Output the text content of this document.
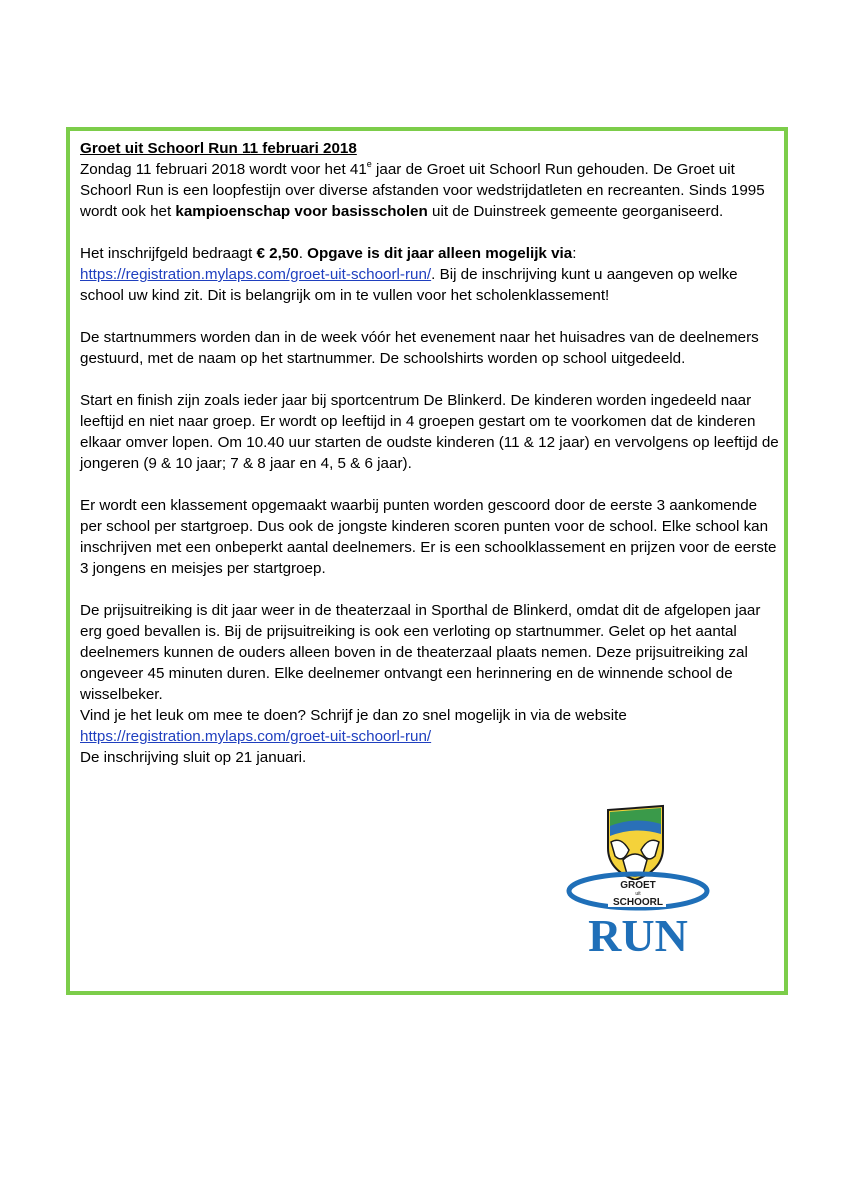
Groet uit Schoorl Run 11 februari 2018

Zondag 11 februari 2018 wordt voor het 41e jaar de Groet uit Schoorl Run gehouden. De Groet uit Schoorl Run is een loopfestijn over diverse afstanden voor wedstrijdatleten en recreanten. Sinds 1995 wordt ook het kampioenschap voor basisscholen uit de Duinstreek gemeente georganiseerd.

Het inschrijfgeld bedraagt € 2,50. Opgave is dit jaar alleen mogelijk via:
https://registration.mylaps.com/groet-uit-schoorl-run/. Bij de inschrijving kunt u aangeven op welke school uw kind zit. Dit is belangrijk om in te vullen voor het scholenklassement!

De startnummers worden dan in de week vóór het evenement naar het huisadres van de deelnemers gestuurd, met de naam op het startnummer. De schoolshirts worden op school uitgedeeld.

Start en finish zijn zoals ieder jaar bij sportcentrum De Blinkerd. De kinderen worden ingedeeld naar leeftijd en niet naar groep. Er wordt op leeftijd in 4 groepen gestart om te voorkomen dat de kinderen elkaar omver lopen. Om 10.40 uur starten de oudste kinderen (11 & 12 jaar) en vervolgens op leeftijd de jongeren (9 & 10 jaar; 7 & 8 jaar en 4, 5 & 6 jaar).

Er wordt een klassement opgemaakt waarbij punten worden gescoord door de eerste 3 aankomende per school per startgroep. Dus ook de jongste kinderen scoren punten voor de school. Elke school kan inschrijven met een onbeperkt aantal deelnemers. Er is een schoolklassement en prijzen voor de eerste 3 jongens en meisjes per startgroep.

De prijsuitreiking is dit jaar weer in de theaterzaal in Sporthal de Blinkerd, omdat dit de afgelopen jaar erg goed bevallen is. Bij de prijsuitreiking is ook een verloting op startnummer. Gelet op het aantal deelnemers kunnen de ouders alleen boven in de theaterzaal plaats nemen. Deze prijsuitreiking zal ongeveer 45 minuten duren. Elke deelnemer ontvangt een herinnering en de winnende school de wisselbeker.

Vind je het leuk om mee te doen? Schrijf je dan zo snel mogelijk in via de website

https://registration.mylaps.com/groet-uit-schoorl-run/

De inschrijving sluit op 21 januari.

GROET
uit
SCHOORL
RUN
